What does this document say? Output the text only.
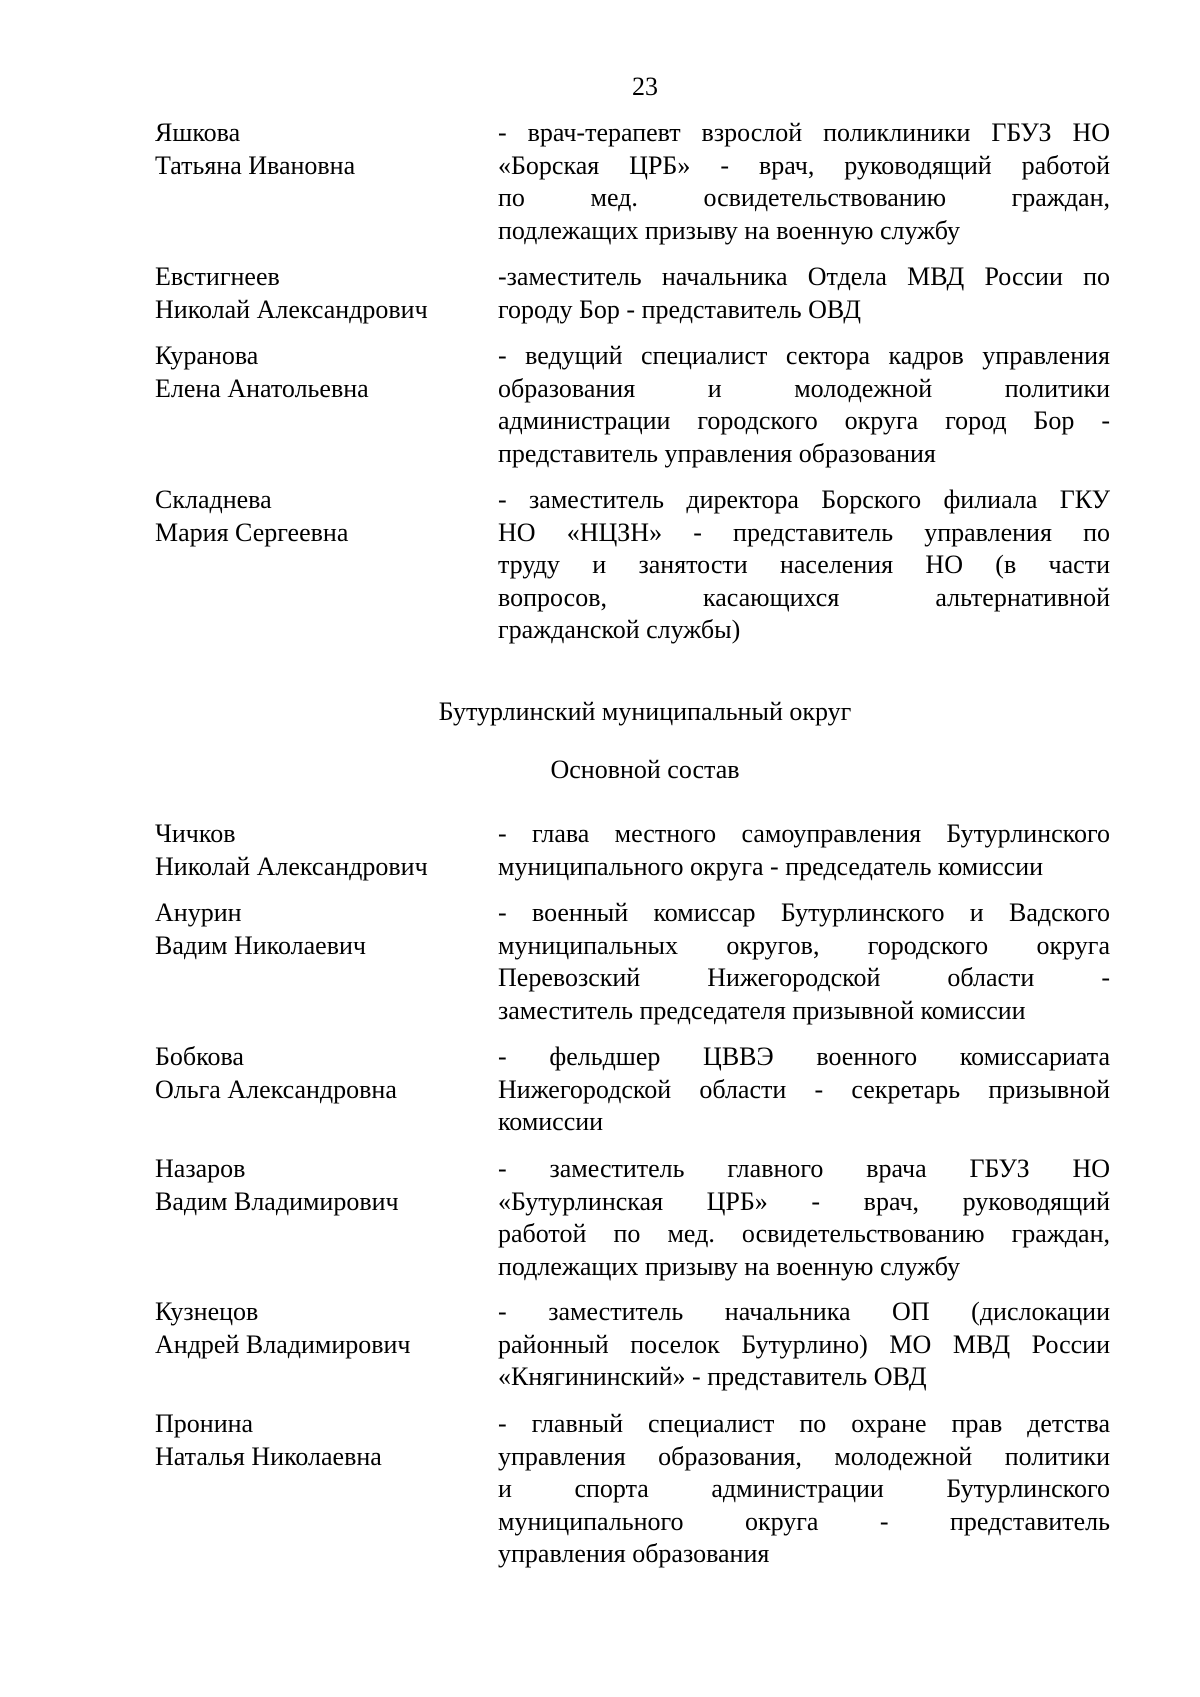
23
Яшкова
Татьяна Ивановна
- врач-терапевт взрослой поликлиники ГБУЗ НО
«Борская ЦРБ» - врач, руководящий работой
по мед. освидетельствованию граждан,
подлежащих призыву на военную службу
Евстигнеев
Николай Александрович
-заместитель начальника Отдела МВД России по
городу Бор - представитель ОВД
Куранова
Елена Анатольевна
- ведущий специалист сектора кадров управления
образования и молодежной политики
администрации городского округа город Бор -
представитель управления образования
Складнева
Мария Сергеевна
- заместитель директора Борского филиала ГКУ
НО «НЦЗН» - представитель управления по
труду и занятости населения НО (в части
вопросов, касающихся альтернативной
гражданской службы)
Бутурлинский муниципальный округ
Основной состав
Чичков
Николай Александрович
- глава местного самоуправления Бутурлинского
муниципального округа - председатель комиссии
Анурин
Вадим Николаевич
- военный комиссар Бутурлинского и Вадского
муниципальных округов, городского округа
Перевозский Нижегородской области -
заместитель председателя призывной комиссии
Бобкова
Ольга Александровна
- фельдшер ЦВВЭ военного комиссариата
Нижегородской области - секретарь призывной
комиссии
Назаров
Вадим Владимирович
- заместитель главного врача ГБУЗ НО
«Бутурлинская ЦРБ» - врач, руководящий
работой по мед. освидетельствованию граждан,
подлежащих призыву на военную службу
Кузнецов
Андрей Владимирович
- заместитель начальника ОП (дислокации
районный поселок Бутурлино) МО МВД России
«Княгининский» - представитель ОВД
Пронина
Наталья Николаевна
- главный специалист по охране прав детства
управления образования, молодежной политики
и спорта администрации Бутурлинского
муниципального округа - представитель
управления образования
